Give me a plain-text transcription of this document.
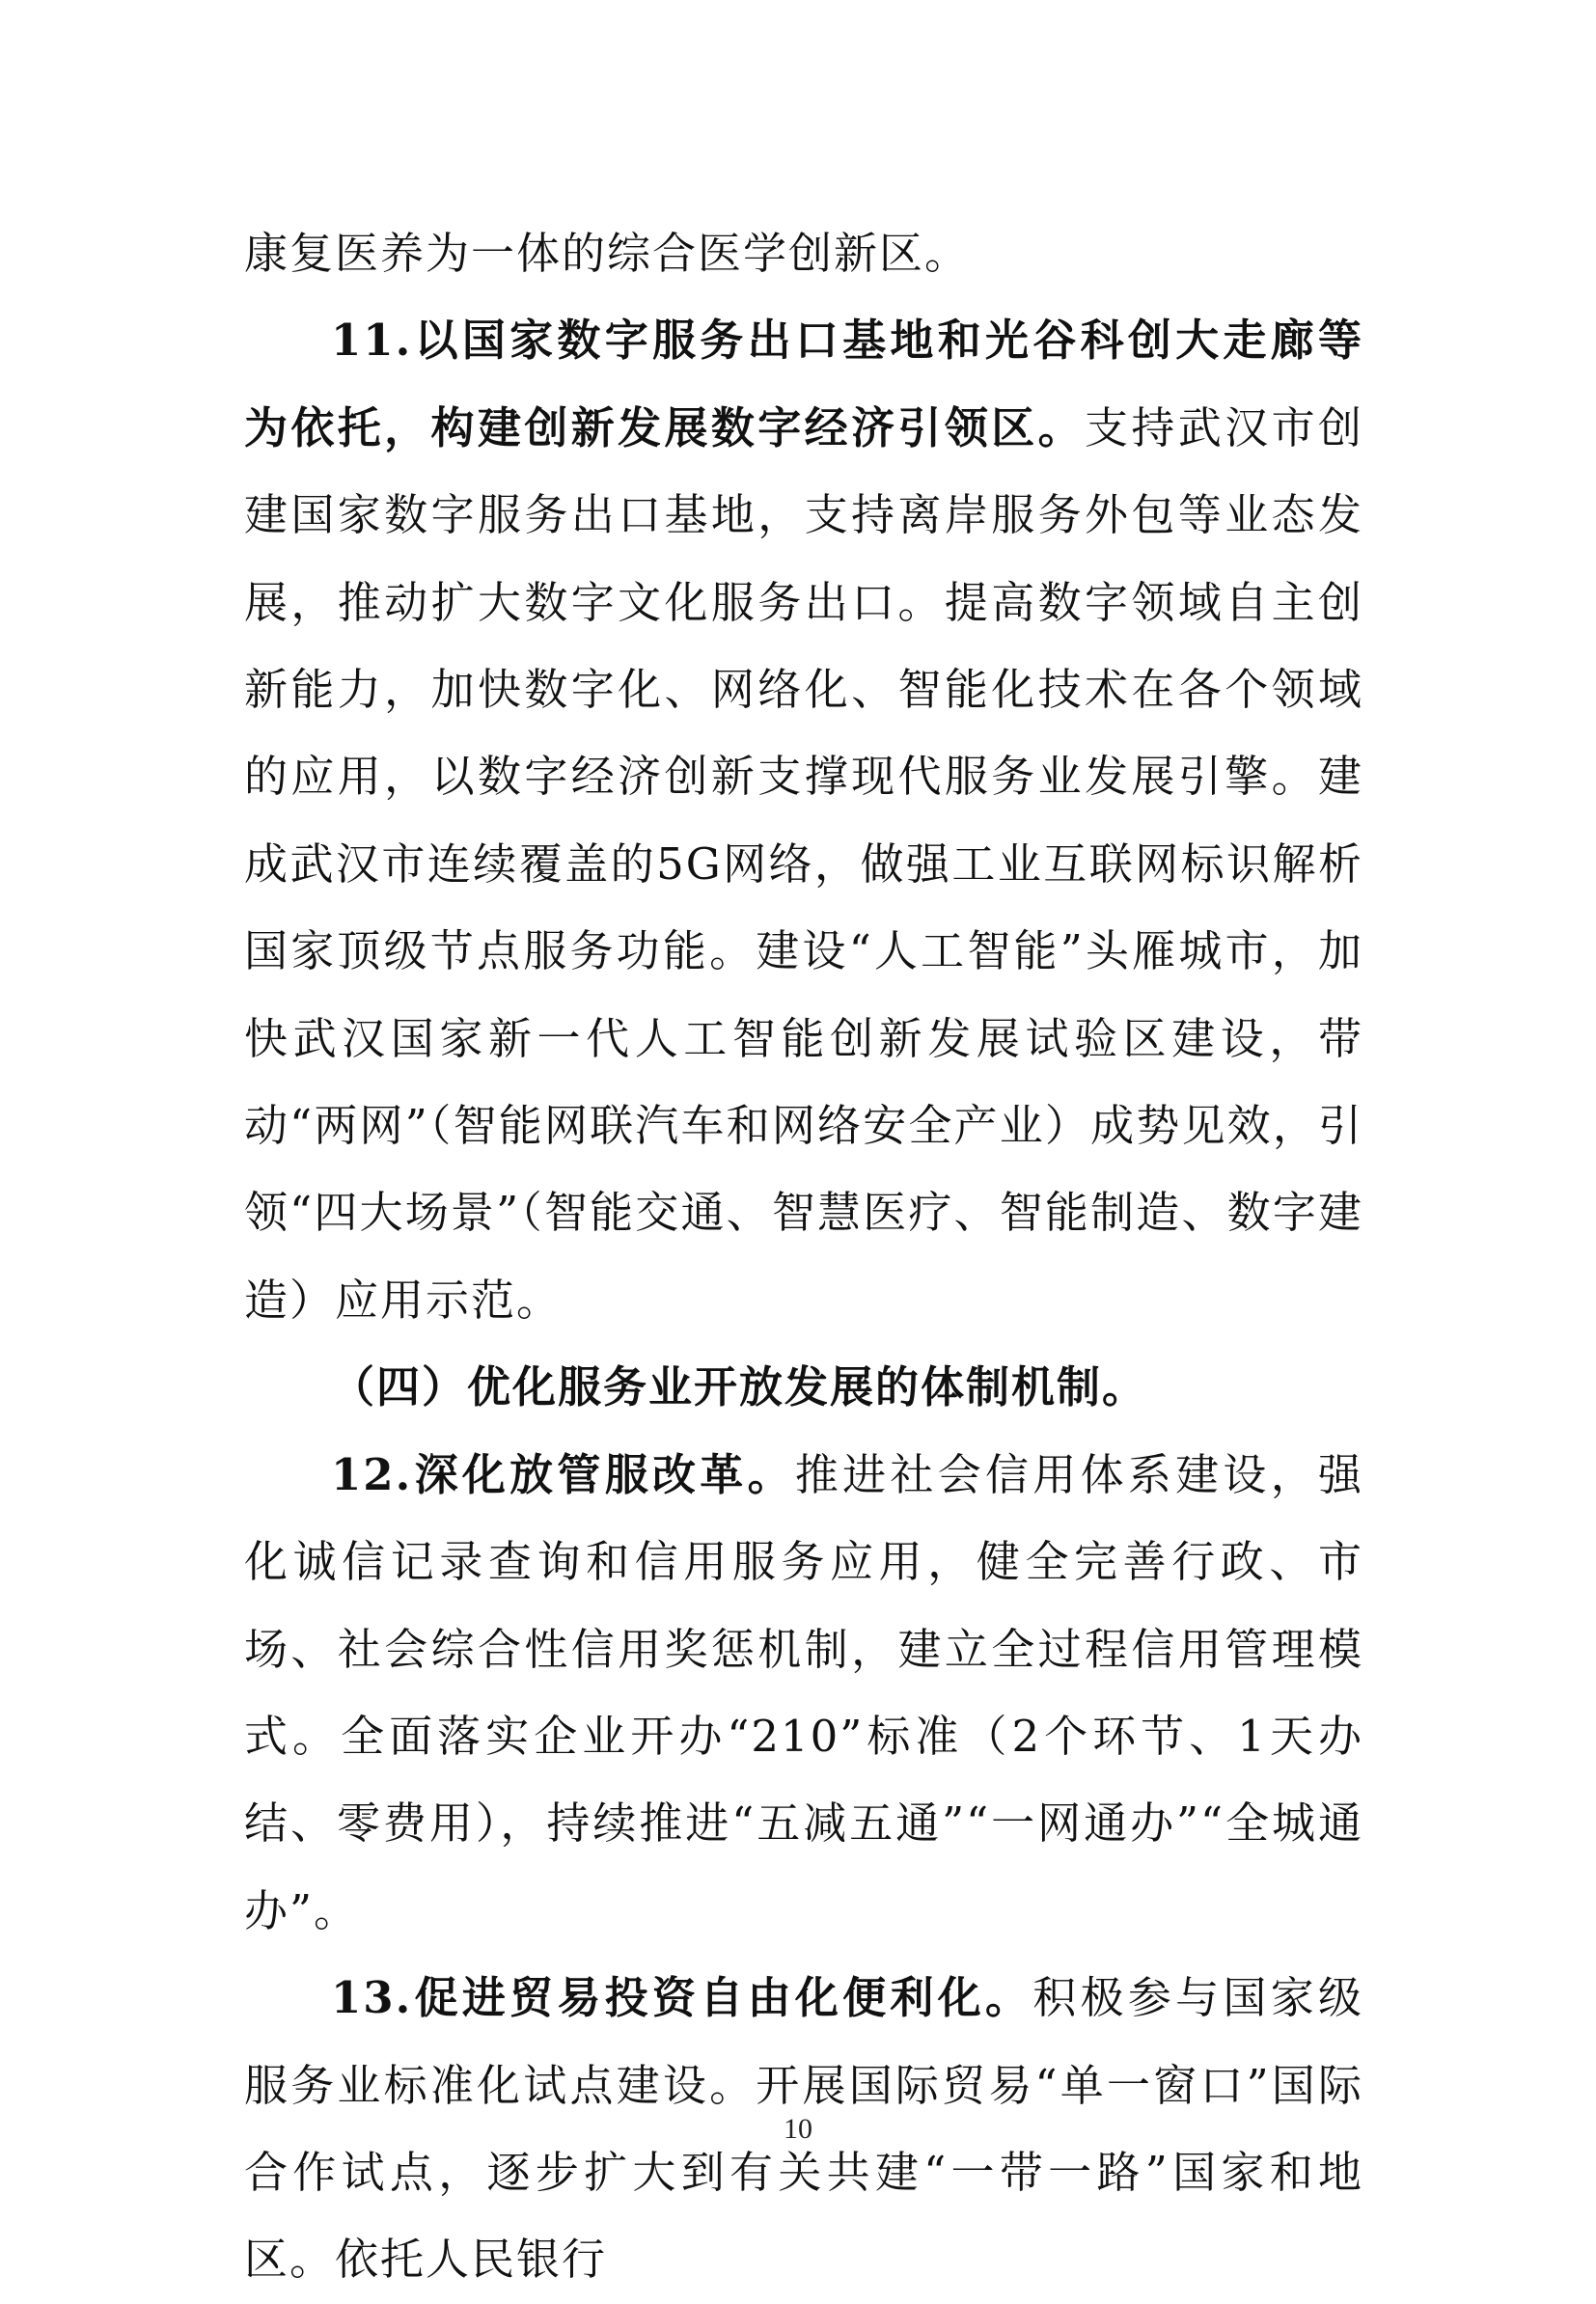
康复医养为一体的综合医学创新区。

11.以国家数字服务出口基地和光谷科创大走廊等为依托，构建创新发展数字经济引领区。支持武汉市创建国家数字服务出口基地，支持离岸服务外包等业态发展，推动扩大数字文化服务出口。提高数字领域自主创新能力，加快数字化、网络化、智能化技术在各个领域的应用，以数字经济创新支撑现代服务业发展引擎。建成武汉市连续覆盖的5G网络，做强工业互联网标识解析国家顶级节点服务功能。建设“人工智能”头雁城市，加快武汉国家新一代人工智能创新发展试验区建设，带动“两网”（智能网联汽车和网络安全产业）成势见效，引领“四大场景”（智能交通、智慧医疗、智能制造、数字建造）应用示范。

（四）优化服务业开放发展的体制机制。

12.深化放管服改革。推进社会信用体系建设，强化诚信记录查询和信用服务应用，健全完善行政、市场、社会综合性信用奖惩机制，建立全过程信用管理模式。全面落实企业开办“210”标准（2个环节、1天办结、零费用），持续推进“五减五通”“一网通办”“全城通办”。

13.促进贸易投资自由化便利化。积极参与国家级服务业标准化试点建设。开展国际贸易“单一窗口”国际合作试点，逐步扩大到有关共建“一带一路”国家和地区。依托人民银行

10
